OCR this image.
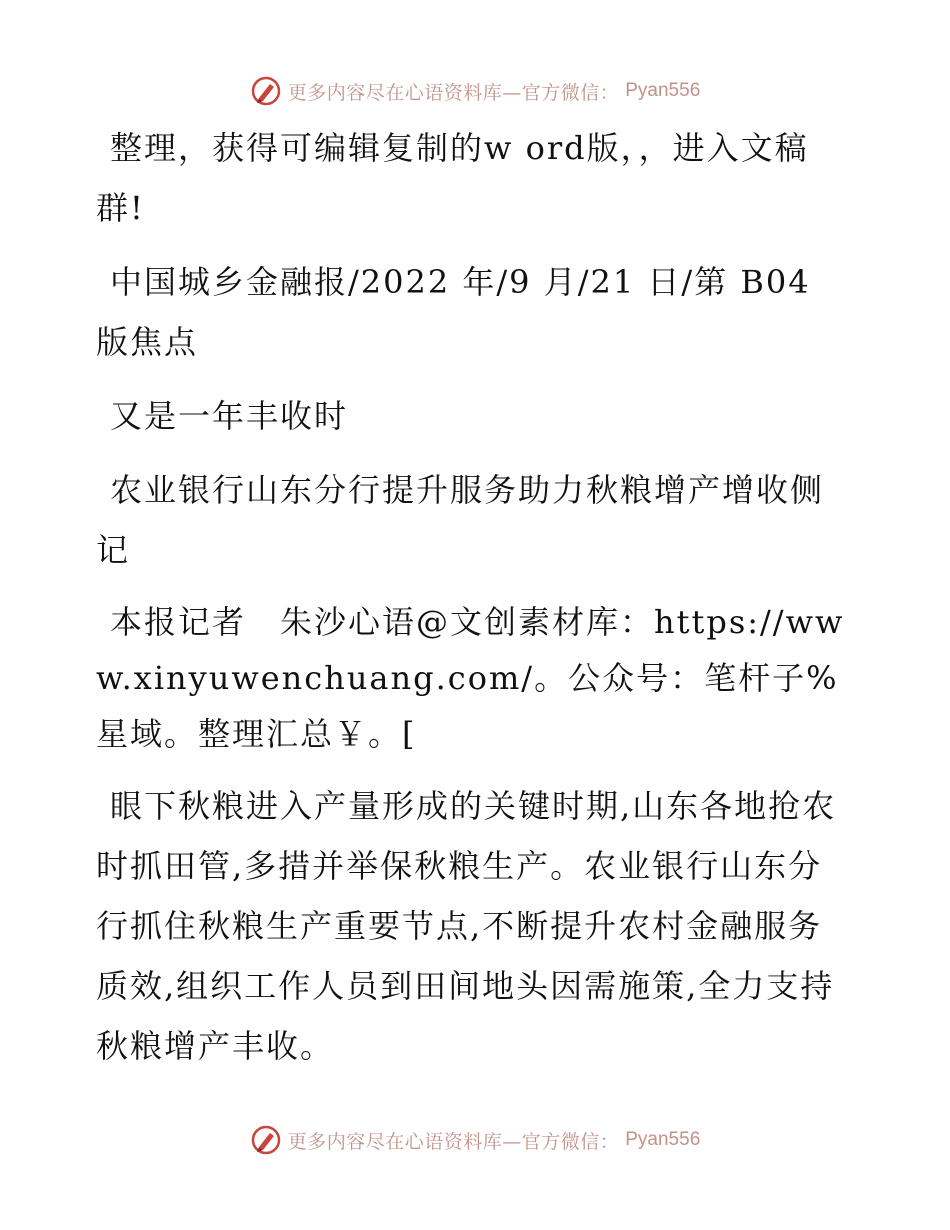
更多内容尽在心语资料库—官方微信： Pyan556

整理，获得可编辑复制的w ord版，，进入文稿群!

中国城乡金融报/2022 年/9 月/21 日/第 B04 版焦点

又是一年丰收时

农业银行山东分行提升服务助力秋粮增产增收侧记

本报记者　朱沙心语@文创素材库：https://www.xinyuwenchuang.com/。公众号：笔杆子%星域。整理汇总￥。[

眼下秋粮进入产量形成的关键时期,山东各地抢农时抓田管,多措并举保秋粮生产。农业银行山东分行抓住秋粮生产重要节点,不断提升农村金融服务质效,组织工作人员到田间地头因需施策,全力支持秋粮增产丰收。

更多内容尽在心语资料库—官方微信： Pyan556
